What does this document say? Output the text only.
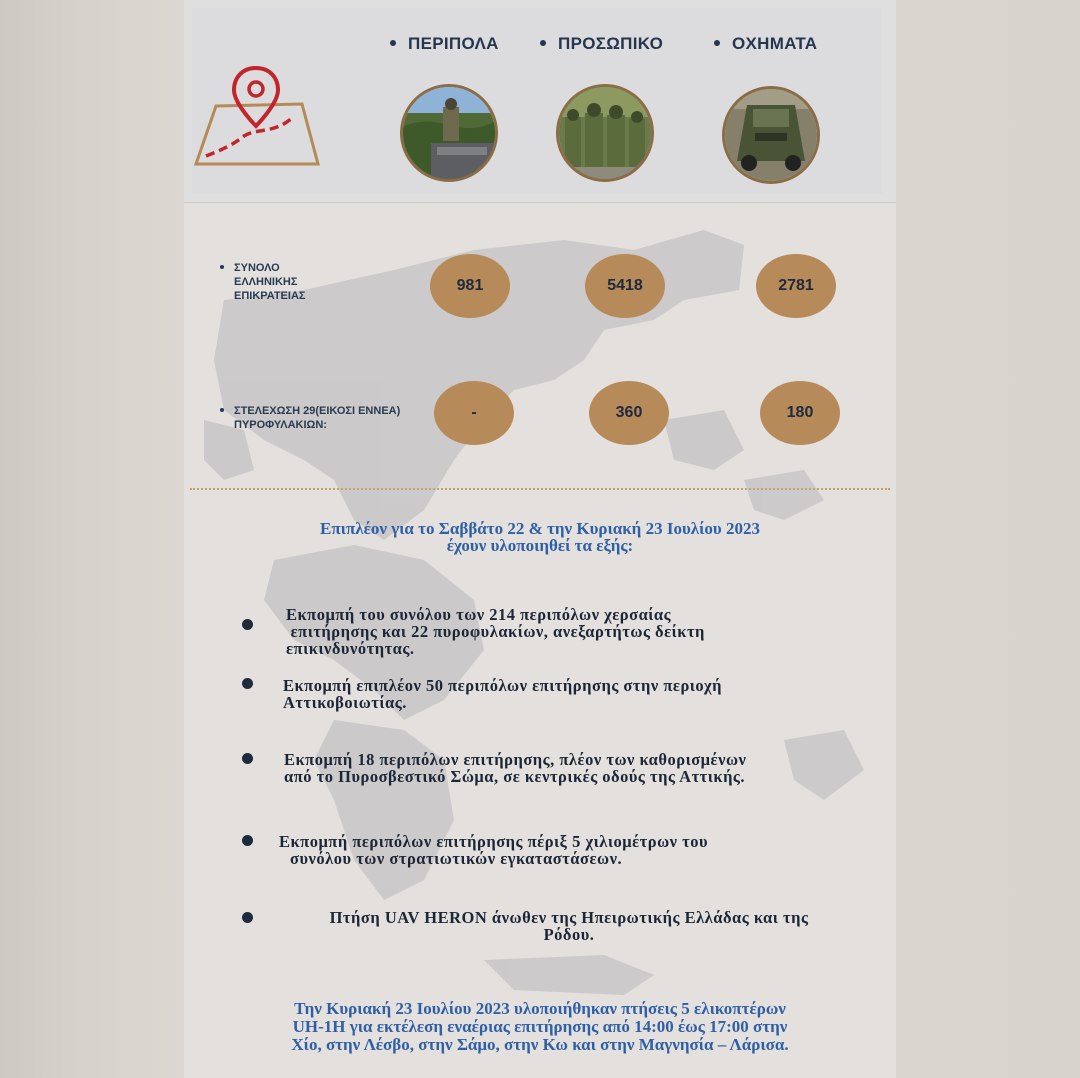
ΠΕΡΙΠΟΛΑ	ΠΡΟΣΩΠΙΚΟ	ΟΧΗΜΑΤΑ
ΣΥΝΟΛΟ
ΕΛΛΗΝΙΚΗΣ
ΕΠΙΚΡΑΤΕΙΑΣ
981	5418	2781
ΣΤΕΛΕΧΩΣΗ 29(ΕΙΚΟΣΙ ΕΝΝΕΑ)
ΠΥΡΟΦΥΛΑΚΙΩΝ:
-	360	180
Επιπλέον για το Σαββάτο 22 & την Κυριακή 23 Ιουλίου 2023
έχουν υλοποιηθεί τα εξής:
Εκπομπή του συνόλου των 214 περιπόλων χερσαίας
επιτήρησης και 22 πυροφυλακίων, ανεξαρτήτως δείκτη
επικινδυνότητας.
Εκπομπή επιπλέον 50 περιπόλων επιτήρησης στην περιοχή
Αττικοβοιωτίας.
Εκπομπή 18 περιπόλων επιτήρησης, πλέον των καθορισμένων
από το Πυροσβεστικό Σώμα, σε κεντρικές οδούς της Αττικής.
Εκπομπή περιπόλων επιτήρησης πέριξ 5 χιλιομέτρων του
συνόλου των στρατιωτικών εγκαταστάσεων.
Πτήση UAV HERON άνωθεν της Ηπειρωτικής Ελλάδας και της
Ρόδου.
Την Κυριακή 23 Ιουλίου 2023 υλοποιήθηκαν πτήσεις 5 ελικοπτέρων
UH-1H για εκτέλεση εναέριας επιτήρησης από 14:00 έως 17:00 στην
Χίο, στην Λέσβο, στην Σάμο, στην Κω και στην Μαγνησία – Λάρισα.
